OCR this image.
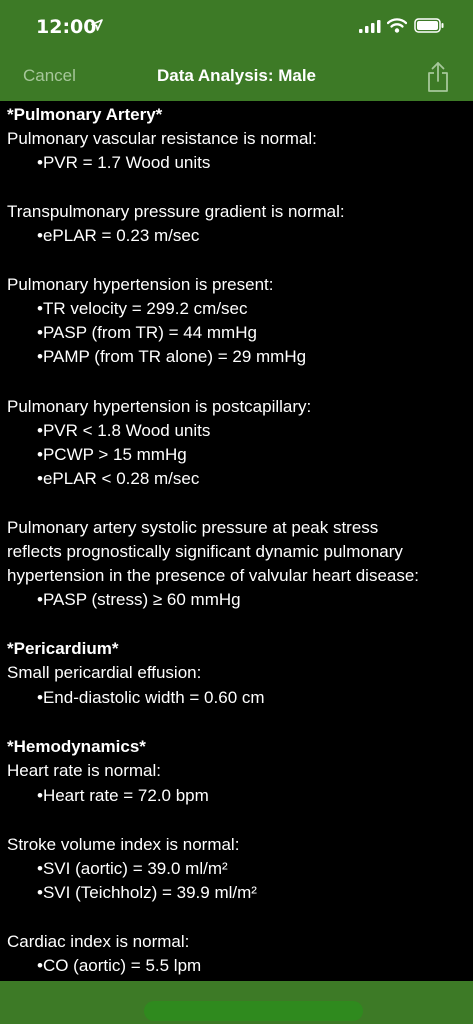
12:00
Cancel	Data Analysis: Male
*Pulmonary Artery*
Pulmonary vascular resistance is normal:
•PVR = 1.7 Wood units
Transpulmonary pressure gradient is normal:
•ePLAR = 0.23 m/sec
Pulmonary hypertension is present:
•TR velocity = 299.2 cm/sec
•PASP (from TR) = 44 mmHg
•PAMP (from TR alone) = 29 mmHg
Pulmonary hypertension is postcapillary:
•PVR < 1.8 Wood units
•PCWP > 15 mmHg
•ePLAR < 0.28 m/sec
Pulmonary artery systolic pressure at peak stress
reflects prognostically significant dynamic pulmonary
hypertension in the presence of valvular heart disease:
•PASP (stress) ≥ 60 mmHg
*Pericardium*
Small pericardial effusion:
•End-diastolic width = 0.60 cm
*Hemodynamics*
Heart rate is normal:
•Heart rate = 72.0 bpm
Stroke volume index is normal:
•SVI (aortic) = 39.0 ml/m²
•SVI (Teichholz) = 39.9 ml/m²
Cardiac index is normal:
•CO (aortic) = 5.5 lpm
